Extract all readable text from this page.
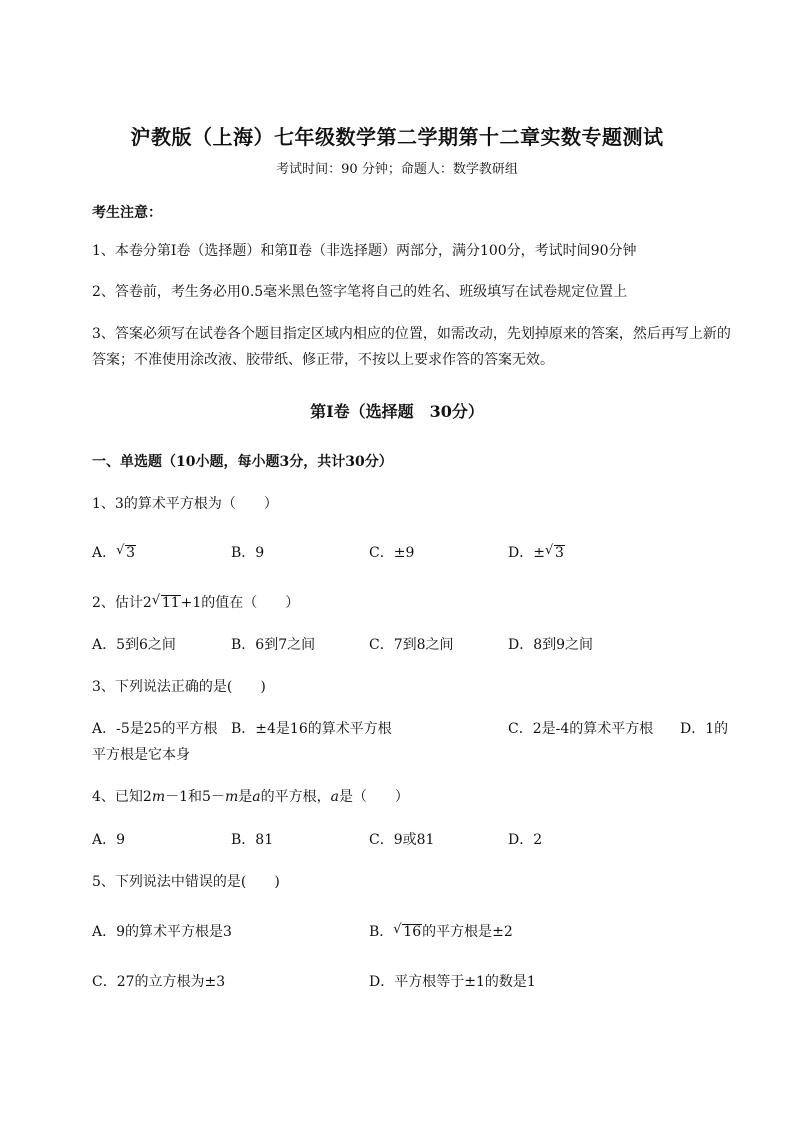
沪教版（上海）七年级数学第二学期第十二章实数专题测试
考试时间：90 分钟；命题人：数学教研组
考生注意：
1、本卷分第Ⅰ卷（选择题）和第Ⅱ卷（非选择题）两部分，满分100分，考试时间90分钟
2、答卷前，考生务必用0.5毫米黑色签字笔将自己的姓名、班级填写在试卷规定位置上
3、答案必须写在试卷各个题目指定区域内相应的位置，如需改动，先划掉原来的答案，然后再写上新的答案；不准使用涂改液、胶带纸、修正带，不按以上要求作答的答案无效。
第Ⅰ卷（选择题　30分）
一、单选题（10小题，每小题3分，共计30分）
1、3的算术平方根为（　　）
A． √ 3	B．9	C．±9	D．± √ 3
2、估计2 √ 11+1的值在（　　）
A．5到6之间	B．6到7之间	C．7到8之间	D．8到9之间
3、下列说法正确的是(　　)
A．-5是25的平方根 B．±4是16的算术平方根	C．2是-4的算术平方根 D．1的
平方根是它本身
4、已知2m－1和5－m是a的平方根，a是（　　）
A．9	B．81	C．9或81	D．2
5、下列说法中错误的是(　　)
A．9的算术平方根是3	B． √ 16的平方根是±2
C．27的立方根为±3	D．平方根等于±1的数是1
